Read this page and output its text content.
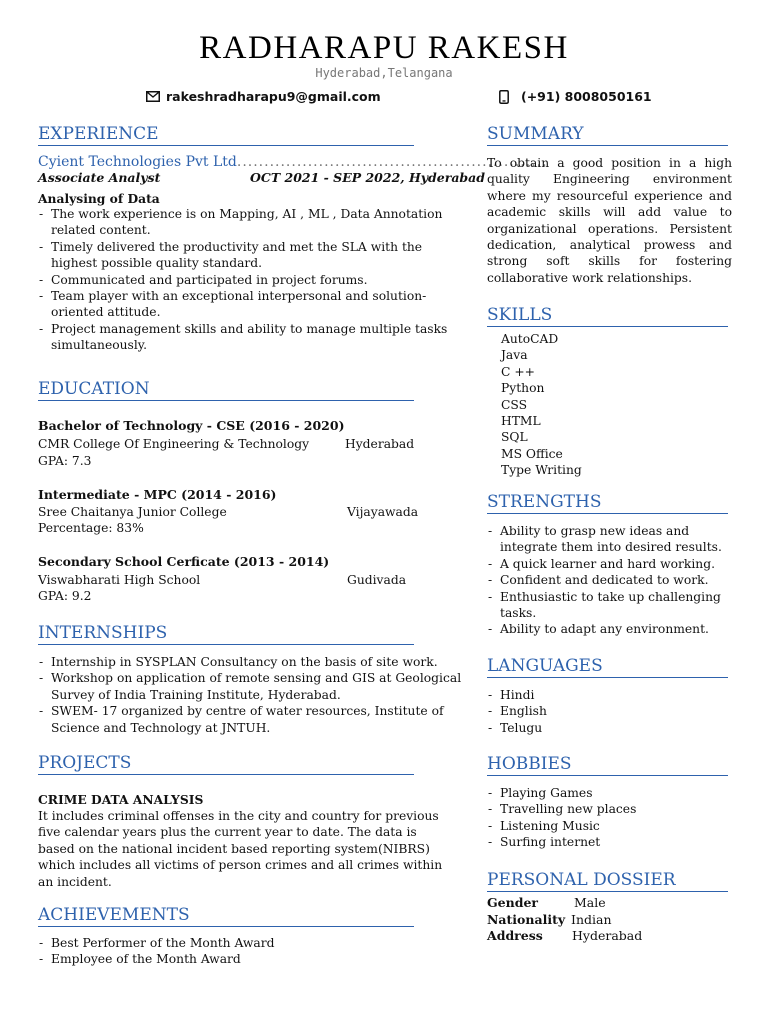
RADHARAPU RAKESH
Hyderabad,Telangana
rakeshradharapu9@gmail.com	(+91) 8008050161
EXPERIENCE
Cyient Technologies Pvt Ltd.........................................................
Associate Analyst	OCT 2021 - SEP 2022, Hyderabad
Analysing of Data
- The work experience is on Mapping, AI , ML , Data Annotation related content.
- Timely delivered the productivity and met the SLA with the highest possible quality standard.
- Communicated and participated in project forums.
- Team player with an exceptional interpersonal and solution-oriented attitude.
- Project management skills and ability to manage multiple tasks simultaneously.
EDUCATION
Bachelor of Technology - CSE (2016 - 2020)
CMR College Of Engineering & Technology	Hyderabad
GPA: 7.3
Intermediate - MPC (2014 - 2016)
Sree Chaitanya Junior College	Vijayawada
Percentage: 83%
Secondary School Cerficate (2013 - 2014)
Viswabharati High School	Gudivada
GPA: 9.2
INTERNSHIPS
- Internship in SYSPLAN Consultancy on the basis of site work.
- Workshop on application of remote sensing and GIS at Geological Survey of India Training Institute, Hyderabad.
- SWEM- 17 organized by centre of water resources, Institute of Science and Technology at JNTUH.
PROJECTS
CRIME DATA ANALYSIS
It includes criminal offenses in the city and country for previous five calendar years plus the current year to date. The data is based on the national incident based reporting system(NIBRS) which includes all victims of person crimes and all crimes within an incident.
ACHIEVEMENTS
- Best Performer of the Month Award
- Employee of the Month Award
SUMMARY
To obtain a good position in a high quality Engineering environment where my resourceful experience and academic skills will add value to organizational operations. Persistent dedication, analytical prowess and strong soft skills for fostering collaborative work relationships.
SKILLS
AutoCAD
Java
C ++
Python
CSS
HTML
SQL
MS Office
Type Writing
STRENGTHS
- Ability to grasp new ideas and integrate them into desired results.
- A quick learner and hard working.
- Confident and dedicated to work.
- Enthusiastic to take up challenging tasks.
- Ability to adapt any environment.
LANGUAGES
- Hindi
- English
- Telugu
HOBBIES
- Playing Games
- Travelling new places
- Listening Music
- Surfing internet
PERSONAL DOSSIER
Gender	Male
Nationality Indian
Address	Hyderabad
